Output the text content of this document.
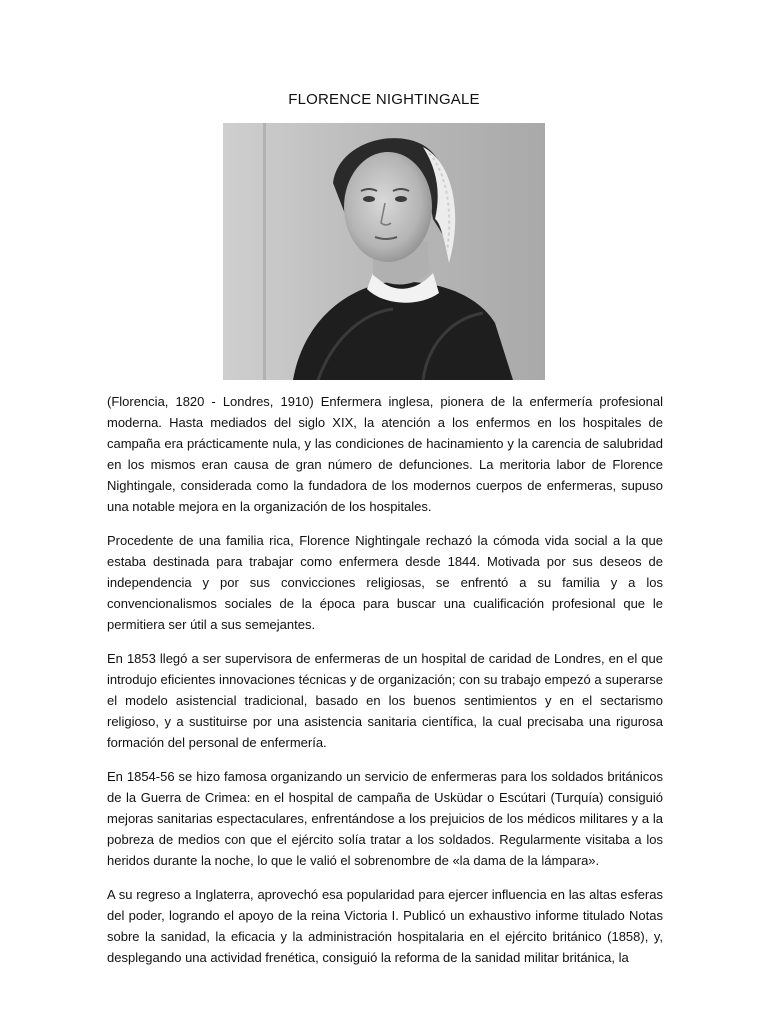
FLORENCE NIGHTINGALE

(Florencia, 1820 - Londres, 1910) Enfermera inglesa, pionera de la enfermería profesional moderna. Hasta mediados del siglo XIX, la atención a los enfermos en los hospitales de campaña era prácticamente nula, y las condiciones de hacinamiento y la carencia de salubridad en los mismos eran causa de gran número de defunciones. La meritoria labor de Florence Nightingale, considerada como la fundadora de los modernos cuerpos de enfermeras, supuso una notable mejora en la organización de los hospitales.

Procedente de una familia rica, Florence Nightingale rechazó la cómoda vida social a la que estaba destinada para trabajar como enfermera desde 1844. Motivada por sus deseos de independencia y por sus convicciones religiosas, se enfrentó a su familia y a los convencionalismos sociales de la época para buscar una cualificación profesional que le permitiera ser útil a sus semejantes.

En 1853 llegó a ser supervisora de enfermeras de un hospital de caridad de Londres, en el que introdujo eficientes innovaciones técnicas y de organización; con su trabajo empezó a superarse el modelo asistencial tradicional, basado en los buenos sentimientos y en el sectarismo religioso, y a sustituirse por una asistencia sanitaria científica, la cual precisaba una rigurosa formación del personal de enfermería.

En 1854-56 se hizo famosa organizando un servicio de enfermeras para los soldados británicos de la Guerra de Crimea: en el hospital de campaña de Usküdar o Escútari (Turquía) consiguió mejoras sanitarias espectaculares, enfrentándose a los prejuicios de los médicos militares y a la pobreza de medios con que el ejército solía tratar a los soldados. Regularmente visitaba a los heridos durante la noche, lo que le valió el sobrenombre de «la dama de la lámpara».

A su regreso a Inglaterra, aprovechó esa popularidad para ejercer influencia en las altas esferas del poder, logrando el apoyo de la reina Victoria I. Publicó un exhaustivo informe titulado Notas sobre la sanidad, la eficacia y la administración hospitalaria en el ejército británico (1858), y, desplegando una actividad frenética, consiguió la reforma de la sanidad militar británica, la
